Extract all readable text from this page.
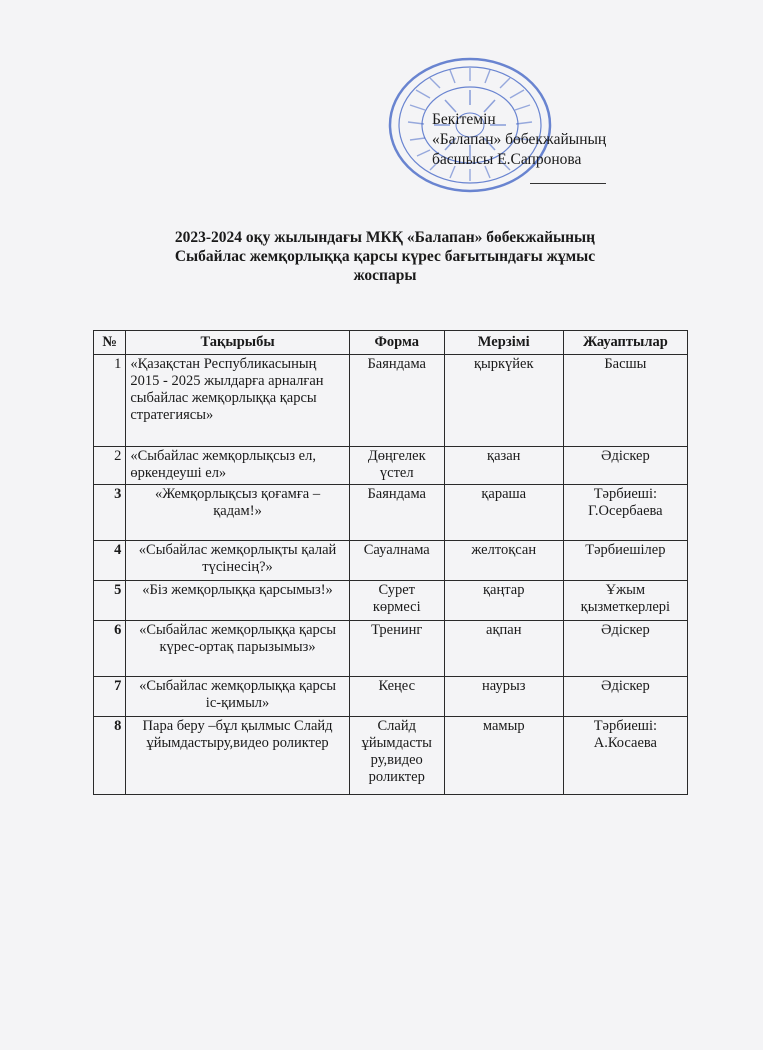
Бекітемін
«Балапан» бөбекжайының
басшысы Е.Сапронова
2023-2024 оқу жылындағы МКҚ «Балапан» бөбекжайының
Сыбайлас жемқорлыққа қарсы күрес бағытындағы жұмыс
жоспары
№	Тақырыбы	Форма	Мерзімі	Жауаптылар
1	«Қазақстан Республикасының 2015 - 2025 жылдарға арналған сыбайлас жемқорлыққа қарсы стратегиясы»	Баяндама	қыркүйек	Басшы
2	«Сыбайлас жемқорлықсыз ел, өркендеуші ел»	Дөңгелек үстел	қазан	Әдіскер
3	«Жемқорлықсыз қоғамға – қадам!»	Баяндама	қараша	Тәрбиеші: Г.Осербаева
4	«Сыбайлас жемқорлықты қалай түсінесің?»	Сауалнама	желтоқсан	Тәрбиешілер
5	«Біз жемқорлыққа қарсымыз!»	Сурет көрмесі	қаңтар	Ұжым қызметкерлері
6	«Сыбайлас жемқорлыққа қарсы күрес-ортақ парызымыз»	Тренинг	ақпан	Әдіскер
7	«Сыбайлас жемқорлыққа қарсы іс-қимыл»	Кеңес	наурыз	Әдіскер
8	Пара беру –бұл қылмыс Слайд ұйымдастыру,видео роликтер	Слайд ұйымдасты ру,видео роликтер	мамыр	Тәрбиеші: А.Косаева
